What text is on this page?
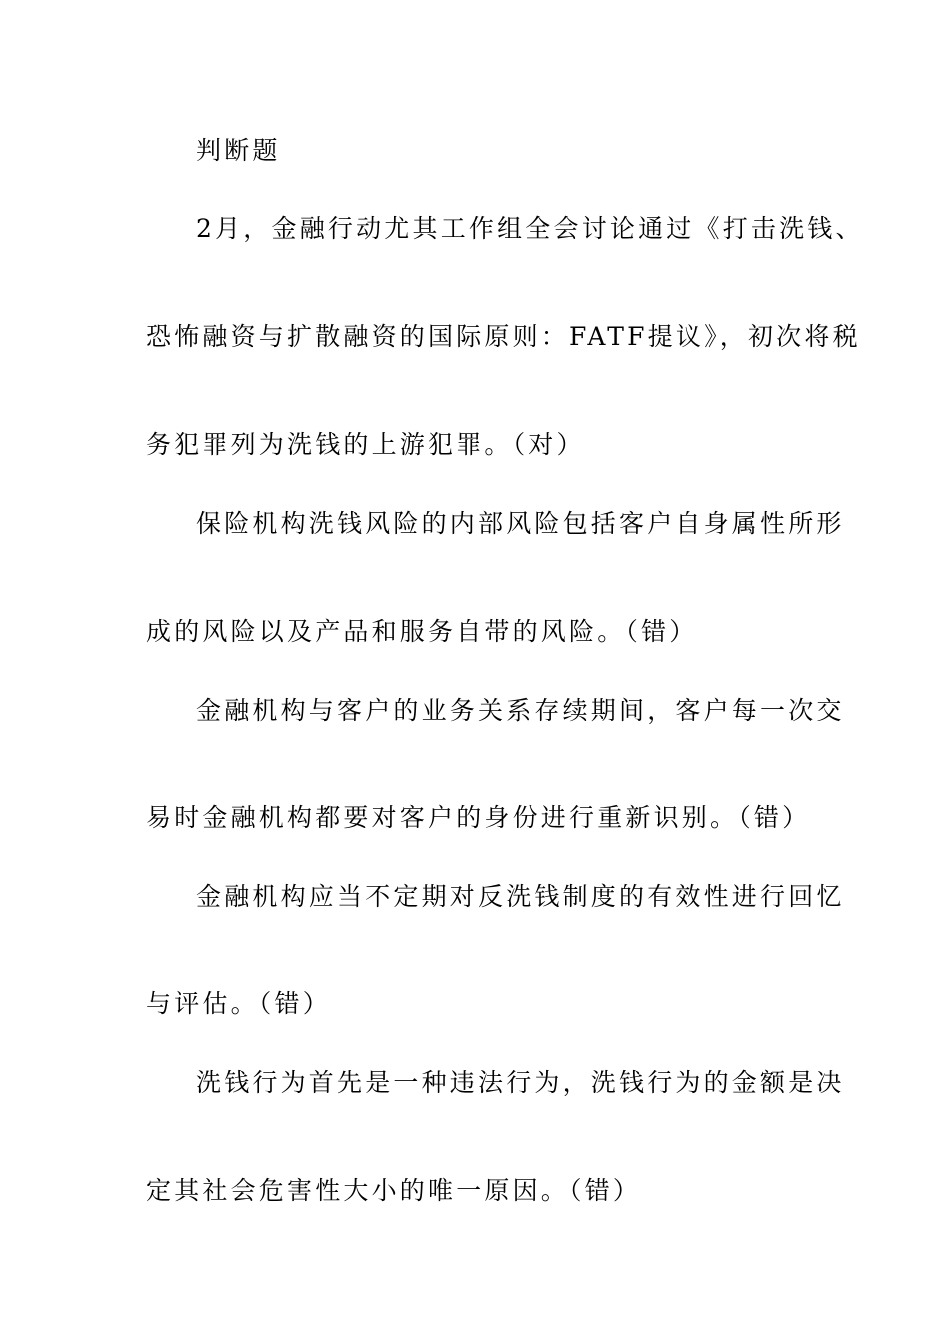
判断题
2月，金融行动尤其工作组全会讨论通过《打击洗钱、
恐怖融资与扩散融资的国际原则：FATF提议》，初次将税
务犯罪列为洗钱的上游犯罪。（对）
保险机构洗钱风险的内部风险包括客户自身属性所形
成的风险以及产品和服务自带的风险。（错）
金融机构与客户的业务关系存续期间，客户每一次交
易时金融机构都要对客户的身份进行重新识别。（错）
金融机构应当不定期对反洗钱制度的有效性进行回忆
与评估。（错）
洗钱行为首先是一种违法行为，洗钱行为的金额是决
定其社会危害性大小的唯一原因。（错）
